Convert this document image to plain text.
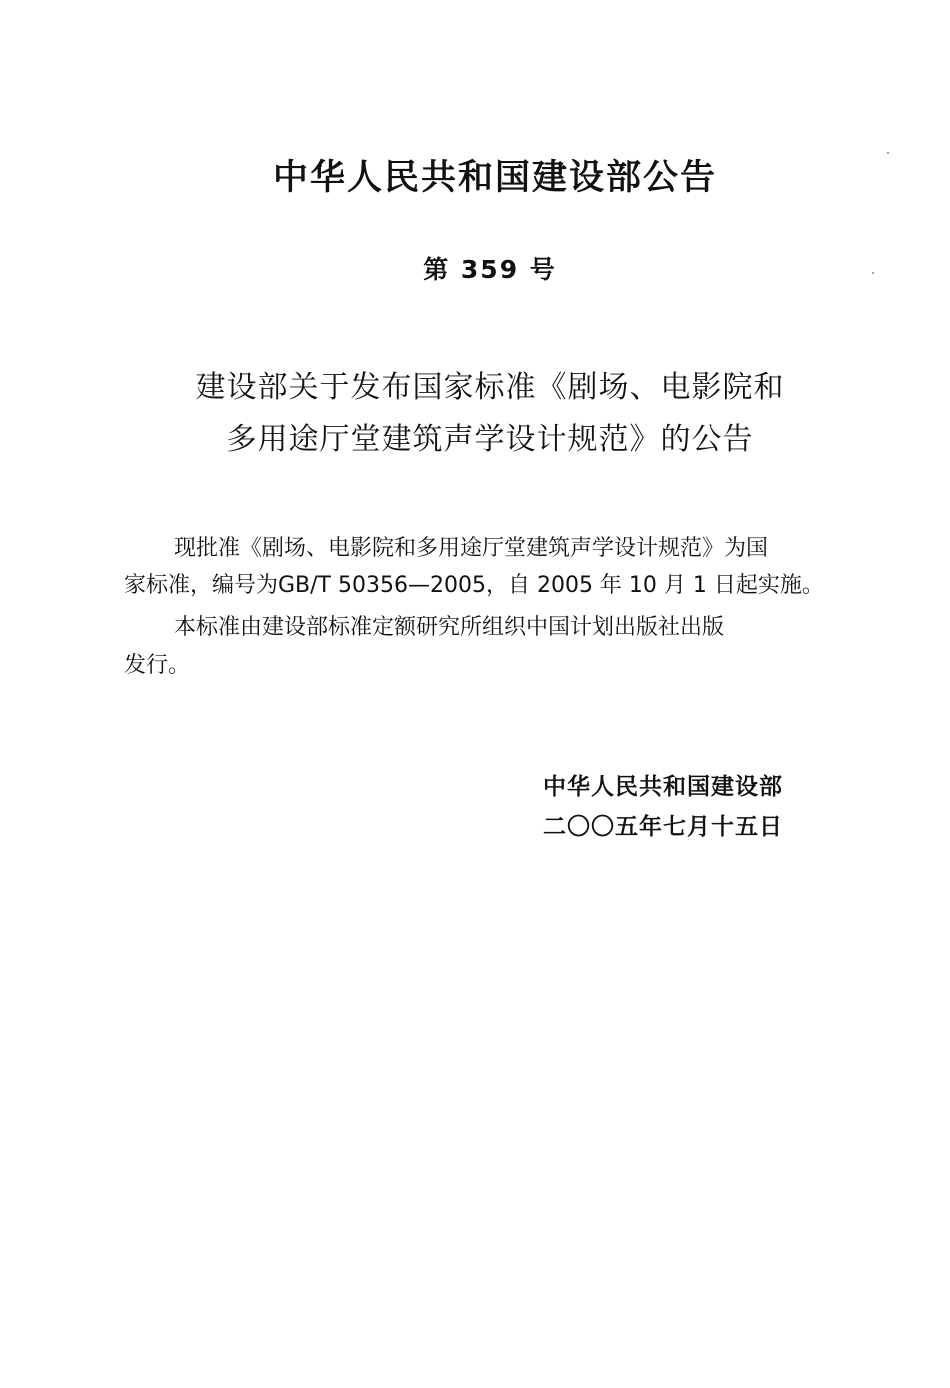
中华人民共和国建设部公告
第 359 号
建设部关于发布国家标准《剧场、电影院和
多用途厅堂建筑声学设计规范》的公告
现批准《剧场、电影院和多用途厅堂建筑声学设计规范》为国
家标准，编号为GB/T 50356—2005，自 2005 年 10 月 1 日起实施。
本标准由建设部标准定额研究所组织中国计划出版社出版
发行。
中华人民共和国建设部
二〇〇五年七月十五日
